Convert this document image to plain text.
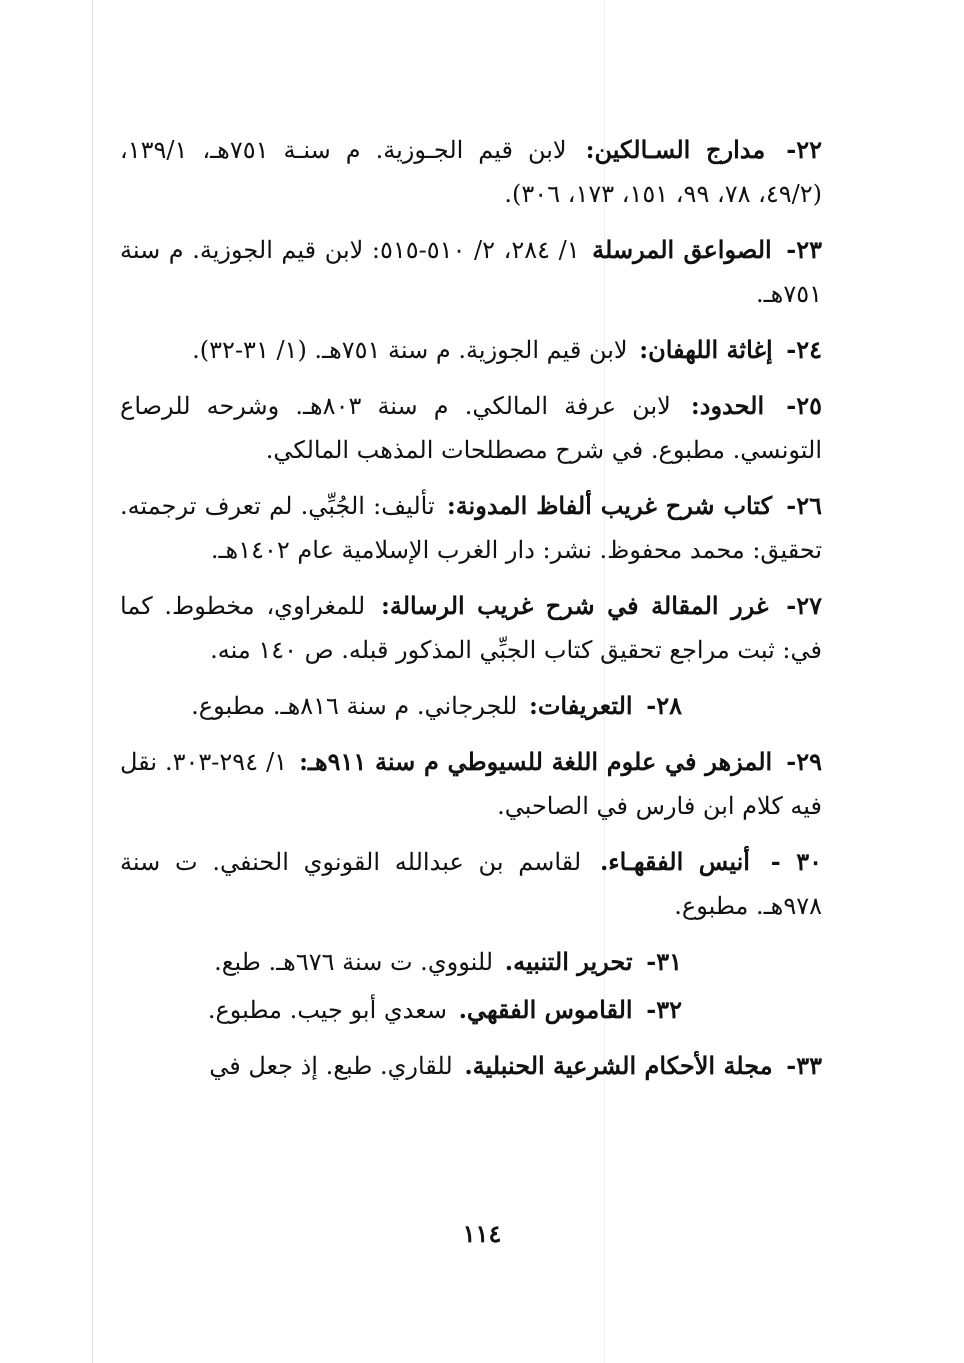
٢٢- مدارج السـالكين: لابن قيم الجـوزية. م سنـة ٧٥١هـ، ١٣٩/١، (٤٩/٢، ٧٨، ٩٩، ١٥١، ١٧٣، ٣٠٦).

٢٣- الصواعق المرسلة ١/ ٢٨٤، ٢/ ٥١٠-٥١٥: لابن قيم الجوزية. م سنة ٧٥١هـ.

٢٤- إغاثة اللهفان: لابن قيم الجوزية. م سنة ٧٥١هـ. (١/ ٣١-٣٢).

٢٥- الحدود: لابن عرفة المالكي. م سنة ٨٠٣هـ. وشرحه للرصاع التونسي. مطبوع. في شرح مصطلحات المذهب المالكي.

٢٦- كتاب شرح غريب ألفاظ المدونة: تأليف: الجُبِّي. لم تعرف ترجمته. تحقيق: محمد محفوظ. نشر: دار الغرب الإسلامية عام ١٤٠٢هـ.

٢٧- غرر المقالة في شرح غريب الرسالة: للمغراوي، مخطوط. كما في: ثبت مراجع تحقيق كتاب الجبِّي المذكور قبله. ص ١٤٠ منه.

٢٨- التعريفات: للجرجاني. م سنة ٨١٦هـ. مطبوع.

٢٩- المزهر في علوم اللغة للسيوطي م سنة ٩١١هـ: ١/ ٢٩٤-٣٠٣. نقل فيه كلام ابن فارس في الصاحبي.

٣٠ - أنيس الفقهـاء. لقاسم بن عبدالله القونوي الحنفي. ت سنة ٩٧٨هـ. مطبوع.

٣١- تحرير التنبيه. للنووي. ت سنة ٦٧٦هـ. طبع.

٣٢- القاموس الفقهي. سعدي أبو جيب. مطبوع.

٣٣- مجلة الأحكام الشرعية الحنبلية. للقاري. طبع. إذ جعل في

١١٤
